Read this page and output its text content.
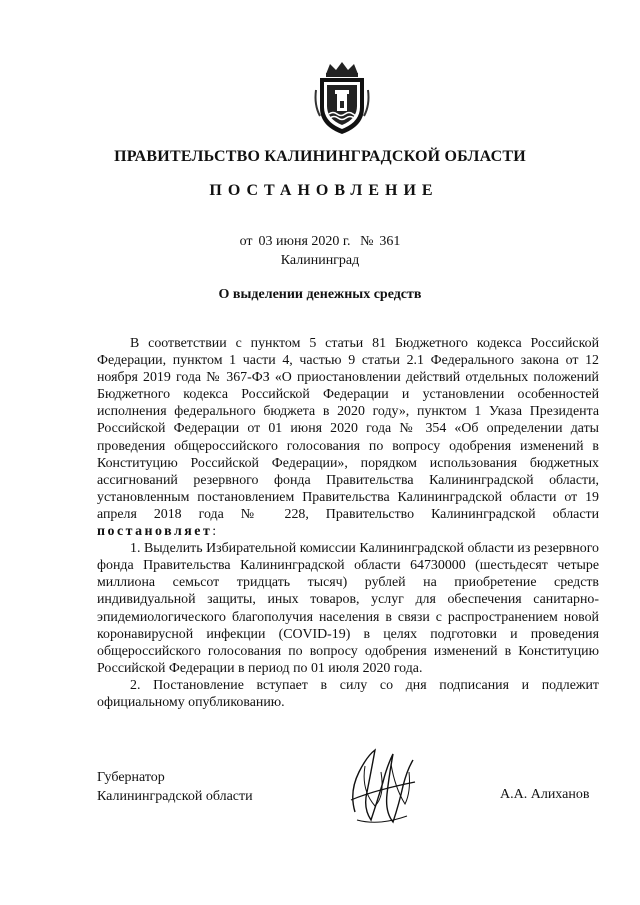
ПРАВИТЕЛЬСТВО КАЛИНИНГРАДСКОЙ ОБЛАСТИ
ПОСТАНОВЛЕНИЕ
от 03 июня 2020 г. № 361
Калининград
О выделении денежных средств

В соответствии с пунктом 5 статьи 81 Бюджетного кодекса Российской Федерации, пунктом 1 части 4, частью 9 статьи 2.1 Федерального закона от 12 ноября 2019 года № 367-ФЗ «О приостановлении действий отдельных положений Бюджетного кодекса Российской Федерации и установлении особенностей исполнения федерального бюджета в 2020 году», пунктом 1 Указа Президента Российской Федерации от 01 июня 2020 года № 354 «Об определении даты проведения общероссийского голосования по вопросу одобрения изменений в Конституцию Российской Федерации», порядком использования бюджетных ассигнований резервного фонда Правительства Калининградской области, установленным постановлением Правительства Калининградской области от 19 апреля 2018 года № 228, Правительство Калининградской области постановляет:

1. Выделить Избирательной комиссии Калининградской области из резервного фонда Правительства Калининградской области 64730000 (шестьдесят четыре миллиона семьсот тридцать тысяч) рублей на приобретение средств индивидуальной защиты, иных товаров, услуг для обеспечения санитарно-эпидемиологического благополучия населения в связи с распространением новой коронавирусной инфекции (COVID-19) в целях подготовки и проведения общероссийского голосования по вопросу одобрения изменений в Конституцию Российской Федерации в период по 01 июля 2020 года.

2. Постановление вступает в силу со дня подписания и подлежит официальному опубликованию.

Губернатор
Калининградской области	А.А. Алиханов
